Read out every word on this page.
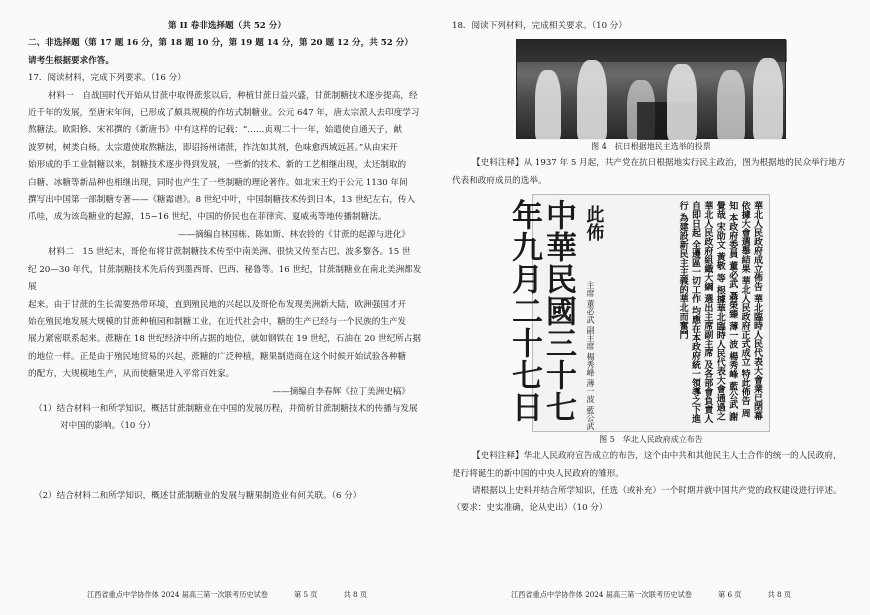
第 II 卷非选择题（共 52 分）
二、非选择题（第 17 题 16 分，第 18 题 10 分，第 19 题 14 分，第 20 题 12 分，共 52 分）
请考生根据要求作答。
17．阅读材料，完成下列要求。（16 分）
材料一　自战国时代开始从甘蔗中取得蔗浆以后，种植甘蔗日益兴盛，甘蔗制糖技术逐步提高，经
近千年的发展，至唐宋年间，已形成了颇具规模的作坊式制糖业。公元 647 年，唐太宗派人去印度学习
熬糖法。欧阳修、宋祁撰的《新唐书》中有这样的记载：“……贞观二十一年，始遣使自通天子，献
波罗树，树类白杨。太宗遣使取熬糖法，即诏扬州诸蔗，拃沈如其剂，色味愈西域远甚。”从由宋开
始形成的手工业制糖以来，制糖技术逐步得到发展，一些新的技术、新的工艺相继出现，太还制取的
白糖、冰糖等新品种也相继出现，同时也产生了一些制糖的理论著作。如北宋王灼于公元 1130 年间
撰写出中国第一部制糖专著——《糖霜谱》。8 世纪中叶，中国制糖技术传到日本，13 世纪左右，传入
爪哇，成为该岛糖业的起源，15~16 世纪，中国的侨民也在菲律宾、夏威夷等地传播制糖法。
——摘编自林国栋、陈如斯、林农铃的《甘蔗的起源与进化》
材料二　15 世纪末，哥伦布将甘蔗制糖技术传至中南美洲、很快又传至古巴、波多黎各。15 世
纪 20—30 年代，甘蔗制糖技术先后传到墨西哥、巴西、秘鲁等。16 世纪，甘蔗制糖业在南北美洲都发展
起来。由于甘蔗的生长需要热带环境，直到殖民地的兴起以及哥伦布发现美洲新大陆，欧洲强国才开
始在殖民地发展大规模的甘蔗种植园和制糖工业，在近代社会中，糖的生产已经与一个民族的生产发
展力紧密联系起来。蔗糖在 18 世纪经济中所占据的地位，就如钢铁在 19 世纪，石油在 20 世纪所占据
的地位一样。正是由于殖民地贸易的兴起，蔗糖的广泛种植，糖果制造商在这个时候开始试验各种糖
的配方，大规模地生产，从而使糖果进入平常百姓家。
——摘编自李春辉《拉丁美洲史稿》
（1）结合材料一和所学知识，概括甘蔗制糖业在中国的发展历程，并简析甘蔗制糖技术的传播与发展
对中国的影响。（10 分）
（2）结合材料二和所学知识，概述甘蔗制糖业的发展与糖果制造业有何关联。（6 分）
江西省重点中学协作体 2024 届高三第一次联考历史试卷	第 5 页	共 8 页
18．阅读下列材料，完成相关要求。（10 分）
图 4　抗日根据地民主选举的投票
【史料注释】从 1937 年 5 月起，共产党在抗日根据地实行民主政治，图为根据地的民众举行地方
代表和政府成员的选举。
中華民國三十七年九月二十七日	此佈
主席 董必武 副主席 楊秀峰 薄一波 藍公武	華北人民政府成立佈告 華北臨時人民代表大會業已閉幕 依據大會選舉結果 華北人民政府正式成立 特此佈告 周知 本政府委員 董必武 聶榮臻 薄一波 楊秀峰 藍公武 謝覺哉 宋劭文 黃敬 等 根據華北臨時人民代表大會通過之華北人民政府組織大綱 選出主席副主席 及各部會負責人 自即日起 全邊區一切工作 均應在本政府統一領導之下進行 為建設新民主主義的華北而奮鬥
图 5　华北人民政府成立布告
【史料注释】华北人民政府宣告成立的布告，这个由中共和其他民主人士合作的统一的人民政府，
是行将诞生的新中国的中央人民政府的雏形。
请根据以上史料并结合所学知识，任选（或补充）一个时期并就中国共产党的政权建设进行评述。
（要求：史实准确，论从史出）（10 分）
江西省重点中学协作体 2024 届高三第一次联考历史试卷	第 6 页	共 8 页
